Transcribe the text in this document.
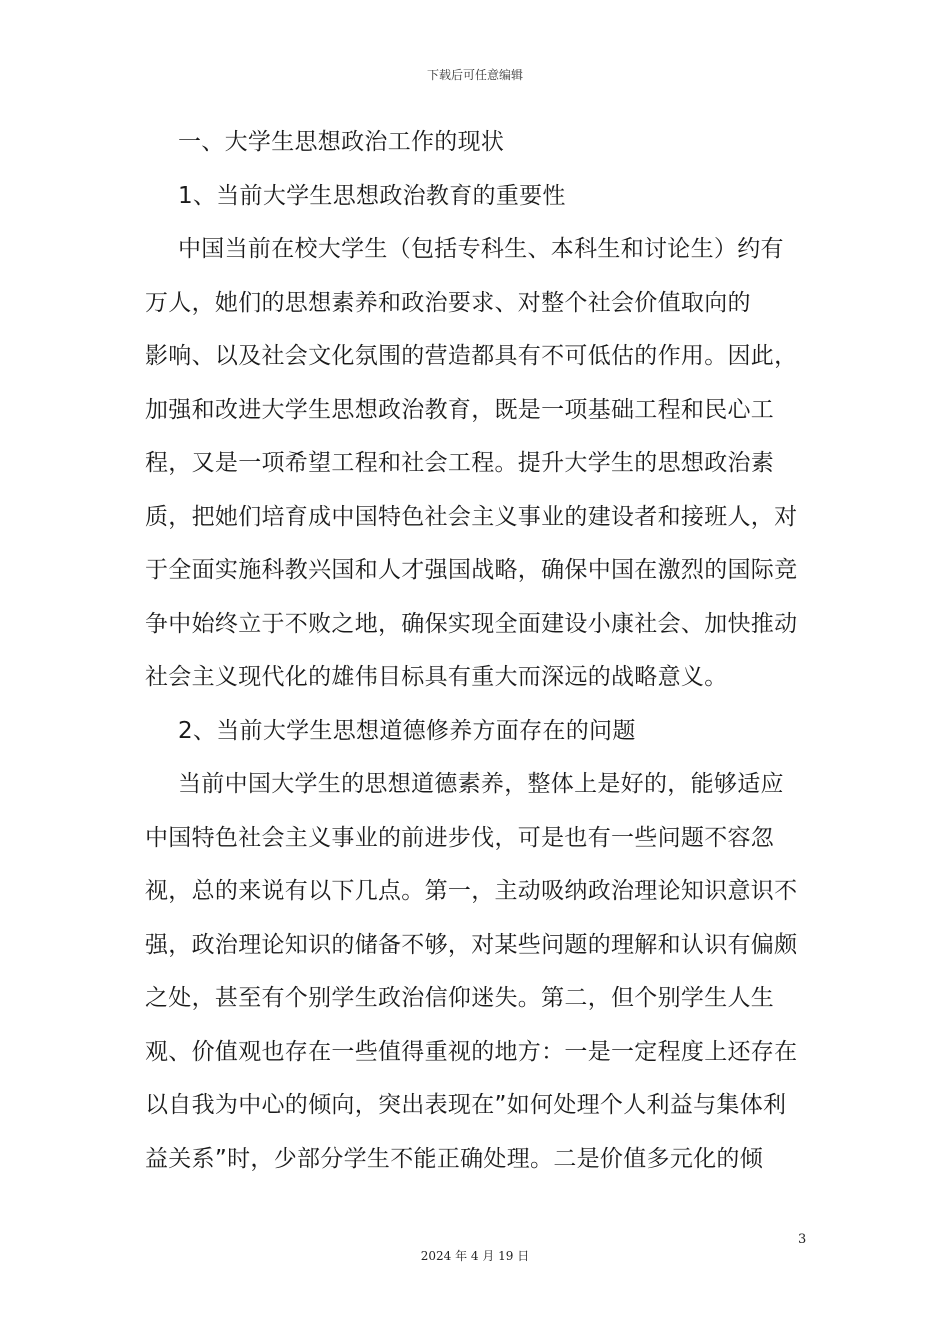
下载后可任意编辑
一、大学生思想政治工作的现状
1、当前大学生思想政治教育的重要性
中国当前在校大学生（包括专科生、本科生和讨论生）约有
万人，她们的思想素养和政治要求、对整个社会价值取向的
影响、以及社会文化氛围的营造都具有不可低估的作用。因此，
加强和改进大学生思想政治教育，既是一项基础工程和民心工
程，又是一项希望工程和社会工程。提升大学生的思想政治素
质，把她们培育成中国特色社会主义事业的建设者和接班人，对
于全面实施科教兴国和人才强国战略，确保中国在激烈的国际竞
争中始终立于不败之地，确保实现全面建设小康社会、加快推动
社会主义现代化的雄伟目标具有重大而深远的战略意义。
2、当前大学生思想道德修养方面存在的问题
当前中国大学生的思想道德素养，整体上是好的，能够适应
中国特色社会主义事业的前进步伐，可是也有一些问题不容忽
视，总的来说有以下几点。第一，主动吸纳政治理论知识意识不
强，政治理论知识的储备不够，对某些问题的理解和认识有偏颇
之处，甚至有个别学生政治信仰迷失。第二，但个别学生人生
观、价值观也存在一些值得重视的地方：一是一定程度上还存在
以自我为中心的倾向，突出表现在”如何处理个人利益与集体利
益关系”时，少部分学生不能正确处理。二是价值多元化的倾
3
2024 年 4 月 19 日
